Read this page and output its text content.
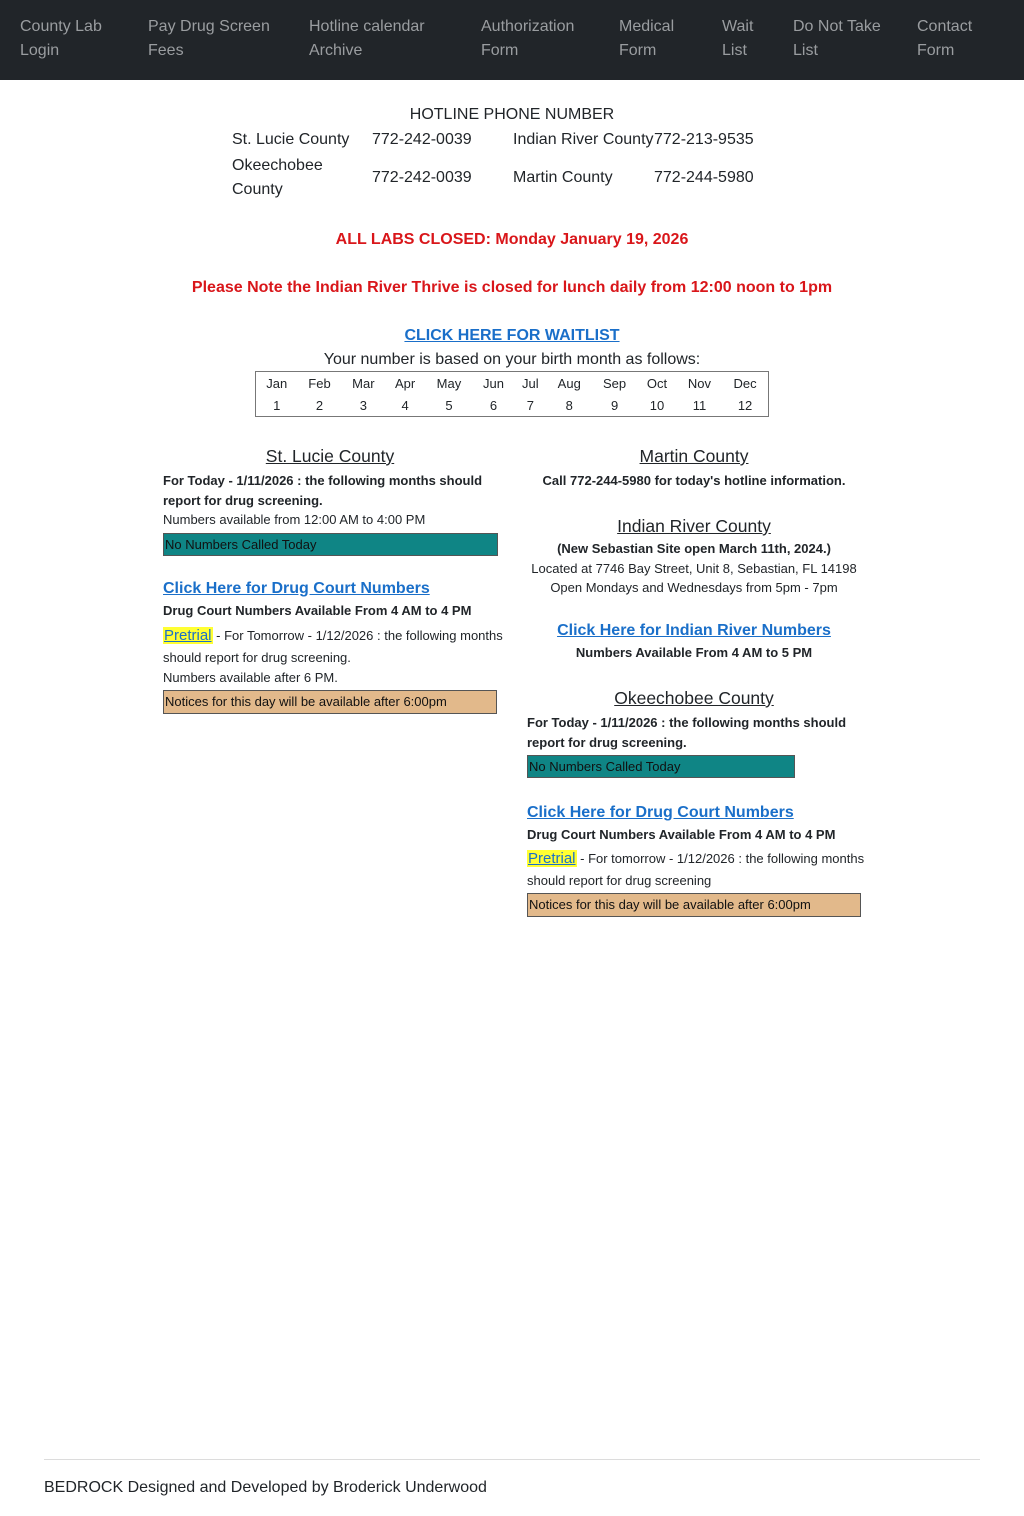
County Lab
Login
Pay Drug Screen
Fees
Hotline calendar
Archive
Authorization
Form
Medical
Form
Wait
List
Do Not Take
List
Contact
Form
HOTLINE PHONE NUMBER
St. Lucie County 772-242-0039	Indian River County 772-213-9535
Okeechobee
County
772-242-0039	Martin County	772-244-5980
ALL LABS CLOSED: Monday January 19, 2026
Please Note the Indian River Thrive is closed for lunch daily from 12:00 noon to 1pm
CLICK HERE FOR WAITLIST
Your number is based on your birth month as follows:
Jan	Feb	Mar	Apr	May	Jun	Jul	Aug	Sep	Oct	Nov	Dec
1	2	3	4	5	6	7	8	9	10	11	12
St. Lucie County
For Today - 1/11/2026 : the following months should
report for drug screening.
Numbers available from 12:00 AM to 4:00 PM
No Numbers Called Today
Click Here for Drug Court Numbers
Drug Court Numbers Available From 4 AM to 4 PM
Pretrial - For Tomorrow - 1/12/2026 : the following months
should report for drug screening.
Numbers available after 6 PM.
Notices for this day will be available after 6:00pm
Martin County
Call 772-244-5980 for today's hotline information.
Indian River County
(New Sebastian Site open March 11th, 2024.)
Located at 7746 Bay Street, Unit 8, Sebastian, FL 14198
Open Mondays and Wednesdays from 5pm - 7pm
Click Here for Indian River Numbers
Numbers Available From 4 AM to 5 PM
Okeechobee County
For Today - 1/11/2026 : the following months should
report for drug screening.
No Numbers Called Today
Click Here for Drug Court Numbers
Drug Court Numbers Available From 4 AM to 4 PM
Pretrial - For tomorrow - 1/12/2026 : the following months
should report for drug screening
Notices for this day will be available after 6:00pm
BEDROCK Designed and Developed by Broderick Underwood
